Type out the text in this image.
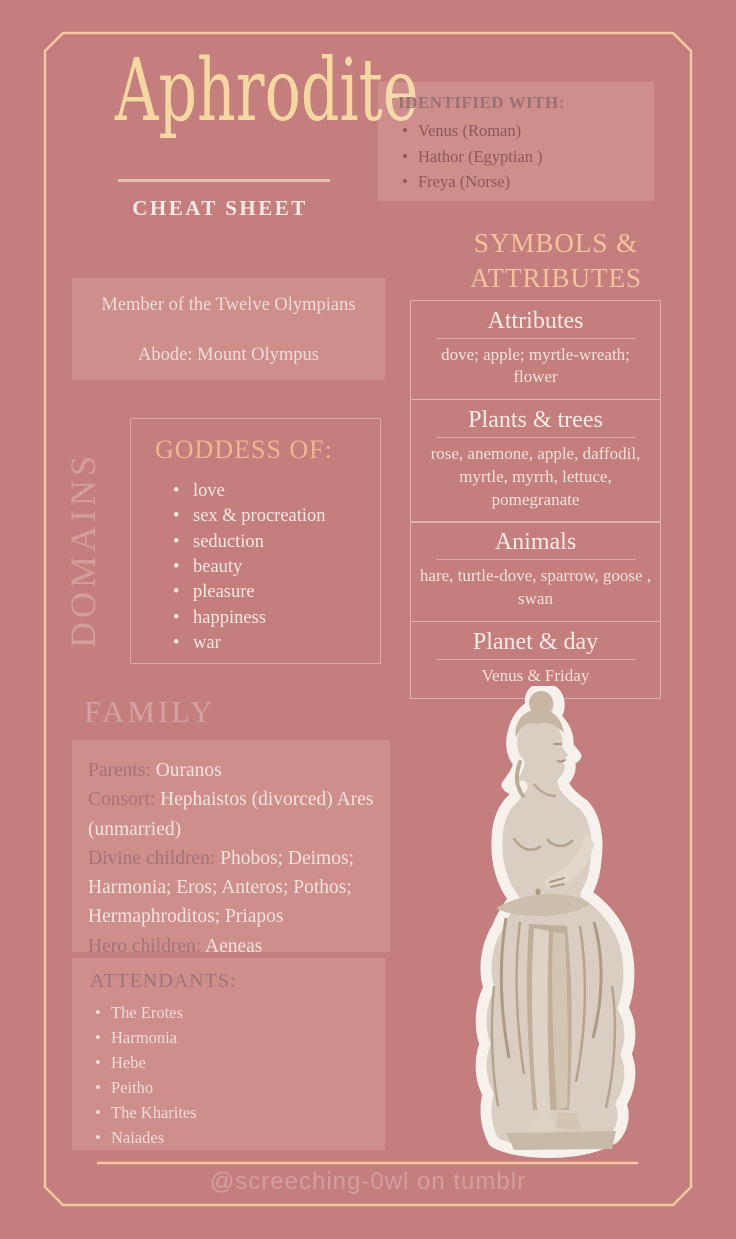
Aphrodite
CHEAT SHEET
IDENTIFIED WITH:
• Venus (Roman)
• Hathor (Egyptian )
• Freya (Norse)
Member of the Twelve Olympians
Abode: Mount Olympus
SYMBOLS & ATTRIBUTES
Attributes
dove; apple; myrtle-wreath; flower
Plants & trees
rose, anemone, apple, daffodil, myrtle, myrrh, lettuce, pomegranate
Animals
hare, turtle-dove, sparrow, goose , swan
Planet & day
Venus & Friday
DOMAINS
GODDESS OF:
• love
• sex & procreation
• seduction
• beauty
• pleasure
• happiness
• war
FAMILY
Parents: Ouranos
Consort: Hephaistos (divorced) Ares (unmarried)
Divine children: Phobos; Deimos; Harmonia; Eros; Anteros; Pothos; Hermaphroditos; Priapos
Hero children: Aeneas
ATTENDANTS:
• The Erotes
• Harmonia
• Hebe
• Peitho
• The Kharites
• Naiades
@screeching-0wl on tumblr
